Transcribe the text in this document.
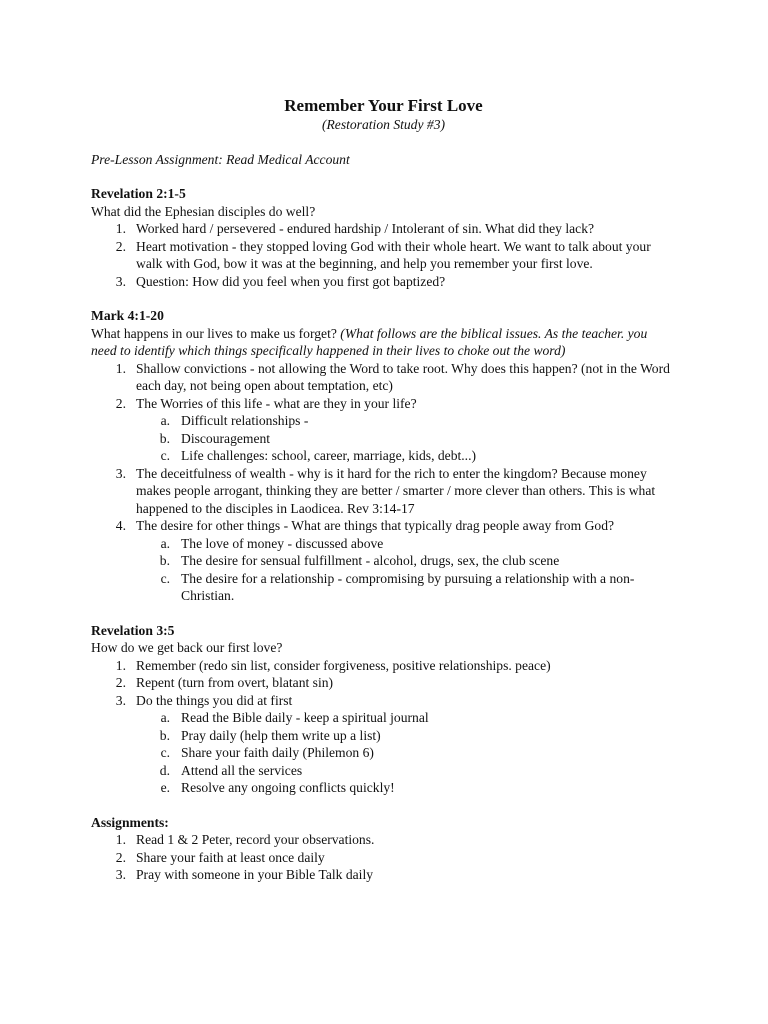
Remember Your First Love
(Restoration Study #3)
Pre-Lesson Assignment: Read Medical Account
Revelation 2:1-5
What did the Ephesian disciples do well?
1. Worked hard / persevered - endured hardship / Intolerant of sin. What did they lack?
2. Heart motivation - they stopped loving God with their whole heart. We want to talk about your walk with God, bow it was at the beginning, and help you remember your first love.
3. Question: How did you feel when you first got baptized?
Mark 4:1-20
What happens in our lives to make us forget? (What follows are the biblical issues. As the teacher. you need to identify which things specifically happened in their lives to choke out the word)
1. Shallow convictions - not allowing the Word to take root. Why does this happen? (not in the Word each day, not being open about temptation, etc)
2. The Worries of this life - what are they in your life?
a. Difficult relationships -
b. Discouragement
c. Life challenges: school, career, marriage, kids, debt...)
3. The deceitfulness of wealth - why is it hard for the rich to enter the kingdom? Because money makes people arrogant, thinking they are better / smarter / more clever than others. This is what happened to the disciples in Laodicea. Rev 3:14-17
4. The desire for other things - What are things that typically drag people away from God?
a. The love of money - discussed above
b. The desire for sensual fulfillment - alcohol, drugs, sex, the club scene
c. The desire for a relationship - compromising by pursuing a relationship with a non-Christian.
Revelation 3:5
How do we get back our first love?
1. Remember (redo sin list, consider forgiveness, positive relationships. peace)
2. Repent (turn from overt, blatant sin)
3. Do the things you did at first
a. Read the Bible daily - keep a spiritual journal
b. Pray daily (help them write up a list)
c. Share your faith daily (Philemon 6)
d. Attend all the services
e. Resolve any ongoing conflicts quickly!
Assignments:
1. Read 1 & 2 Peter, record your observations.
2. Share your faith at least once daily
3. Pray with someone in your Bible Talk daily
